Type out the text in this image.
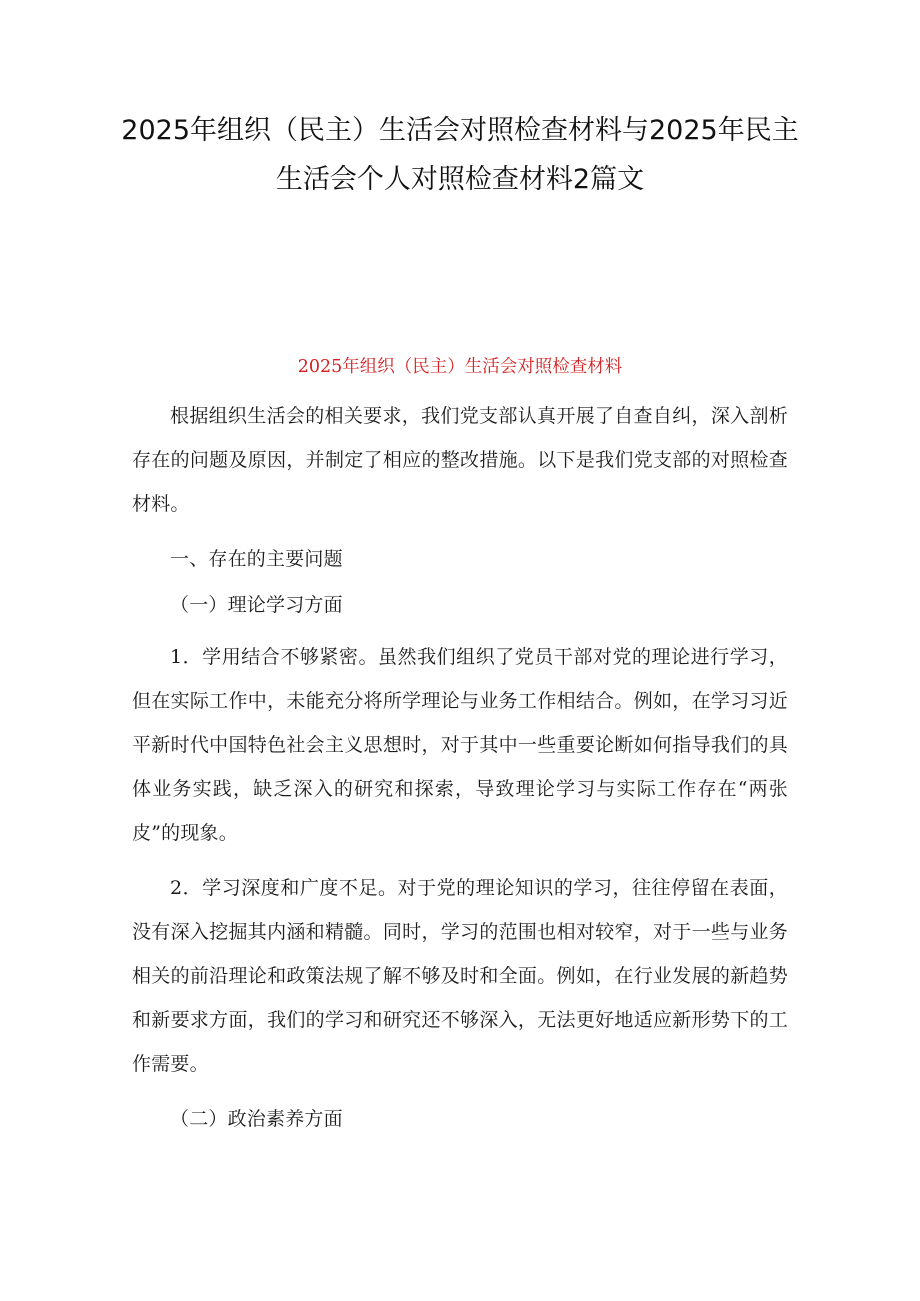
2025年组织（民主）生活会对照检查材料与2025年民主生活会个人对照检查材料2篇文
2025年组织（民主）生活会对照检查材料

根据组织生活会的相关要求，我们党支部认真开展了自查自纠，深入剖析存在的问题及原因，并制定了相应的整改措施。以下是我们党支部的对照检查材料。

一、存在的主要问题

（一）理论学习方面

1．学用结合不够紧密。虽然我们组织了党员干部对党的理论进行学习，但在实际工作中，未能充分将所学理论与业务工作相结合。例如，在学习习近平新时代中国特色社会主义思想时，对于其中一些重要论断如何指导我们的具体业务实践，缺乏深入的研究和探索，导致理论学习与实际工作存在“两张皮”的现象。

2．学习深度和广度不足。对于党的理论知识的学习，往往停留在表面，没有深入挖掘其内涵和精髓。同时，学习的范围也相对较窄，对于一些与业务相关的前沿理论和政策法规了解不够及时和全面。例如，在行业发展的新趋势和新要求方面，我们的学习和研究还不够深入，无法更好地适应新形势下的工作需要。

（二）政治素养方面
